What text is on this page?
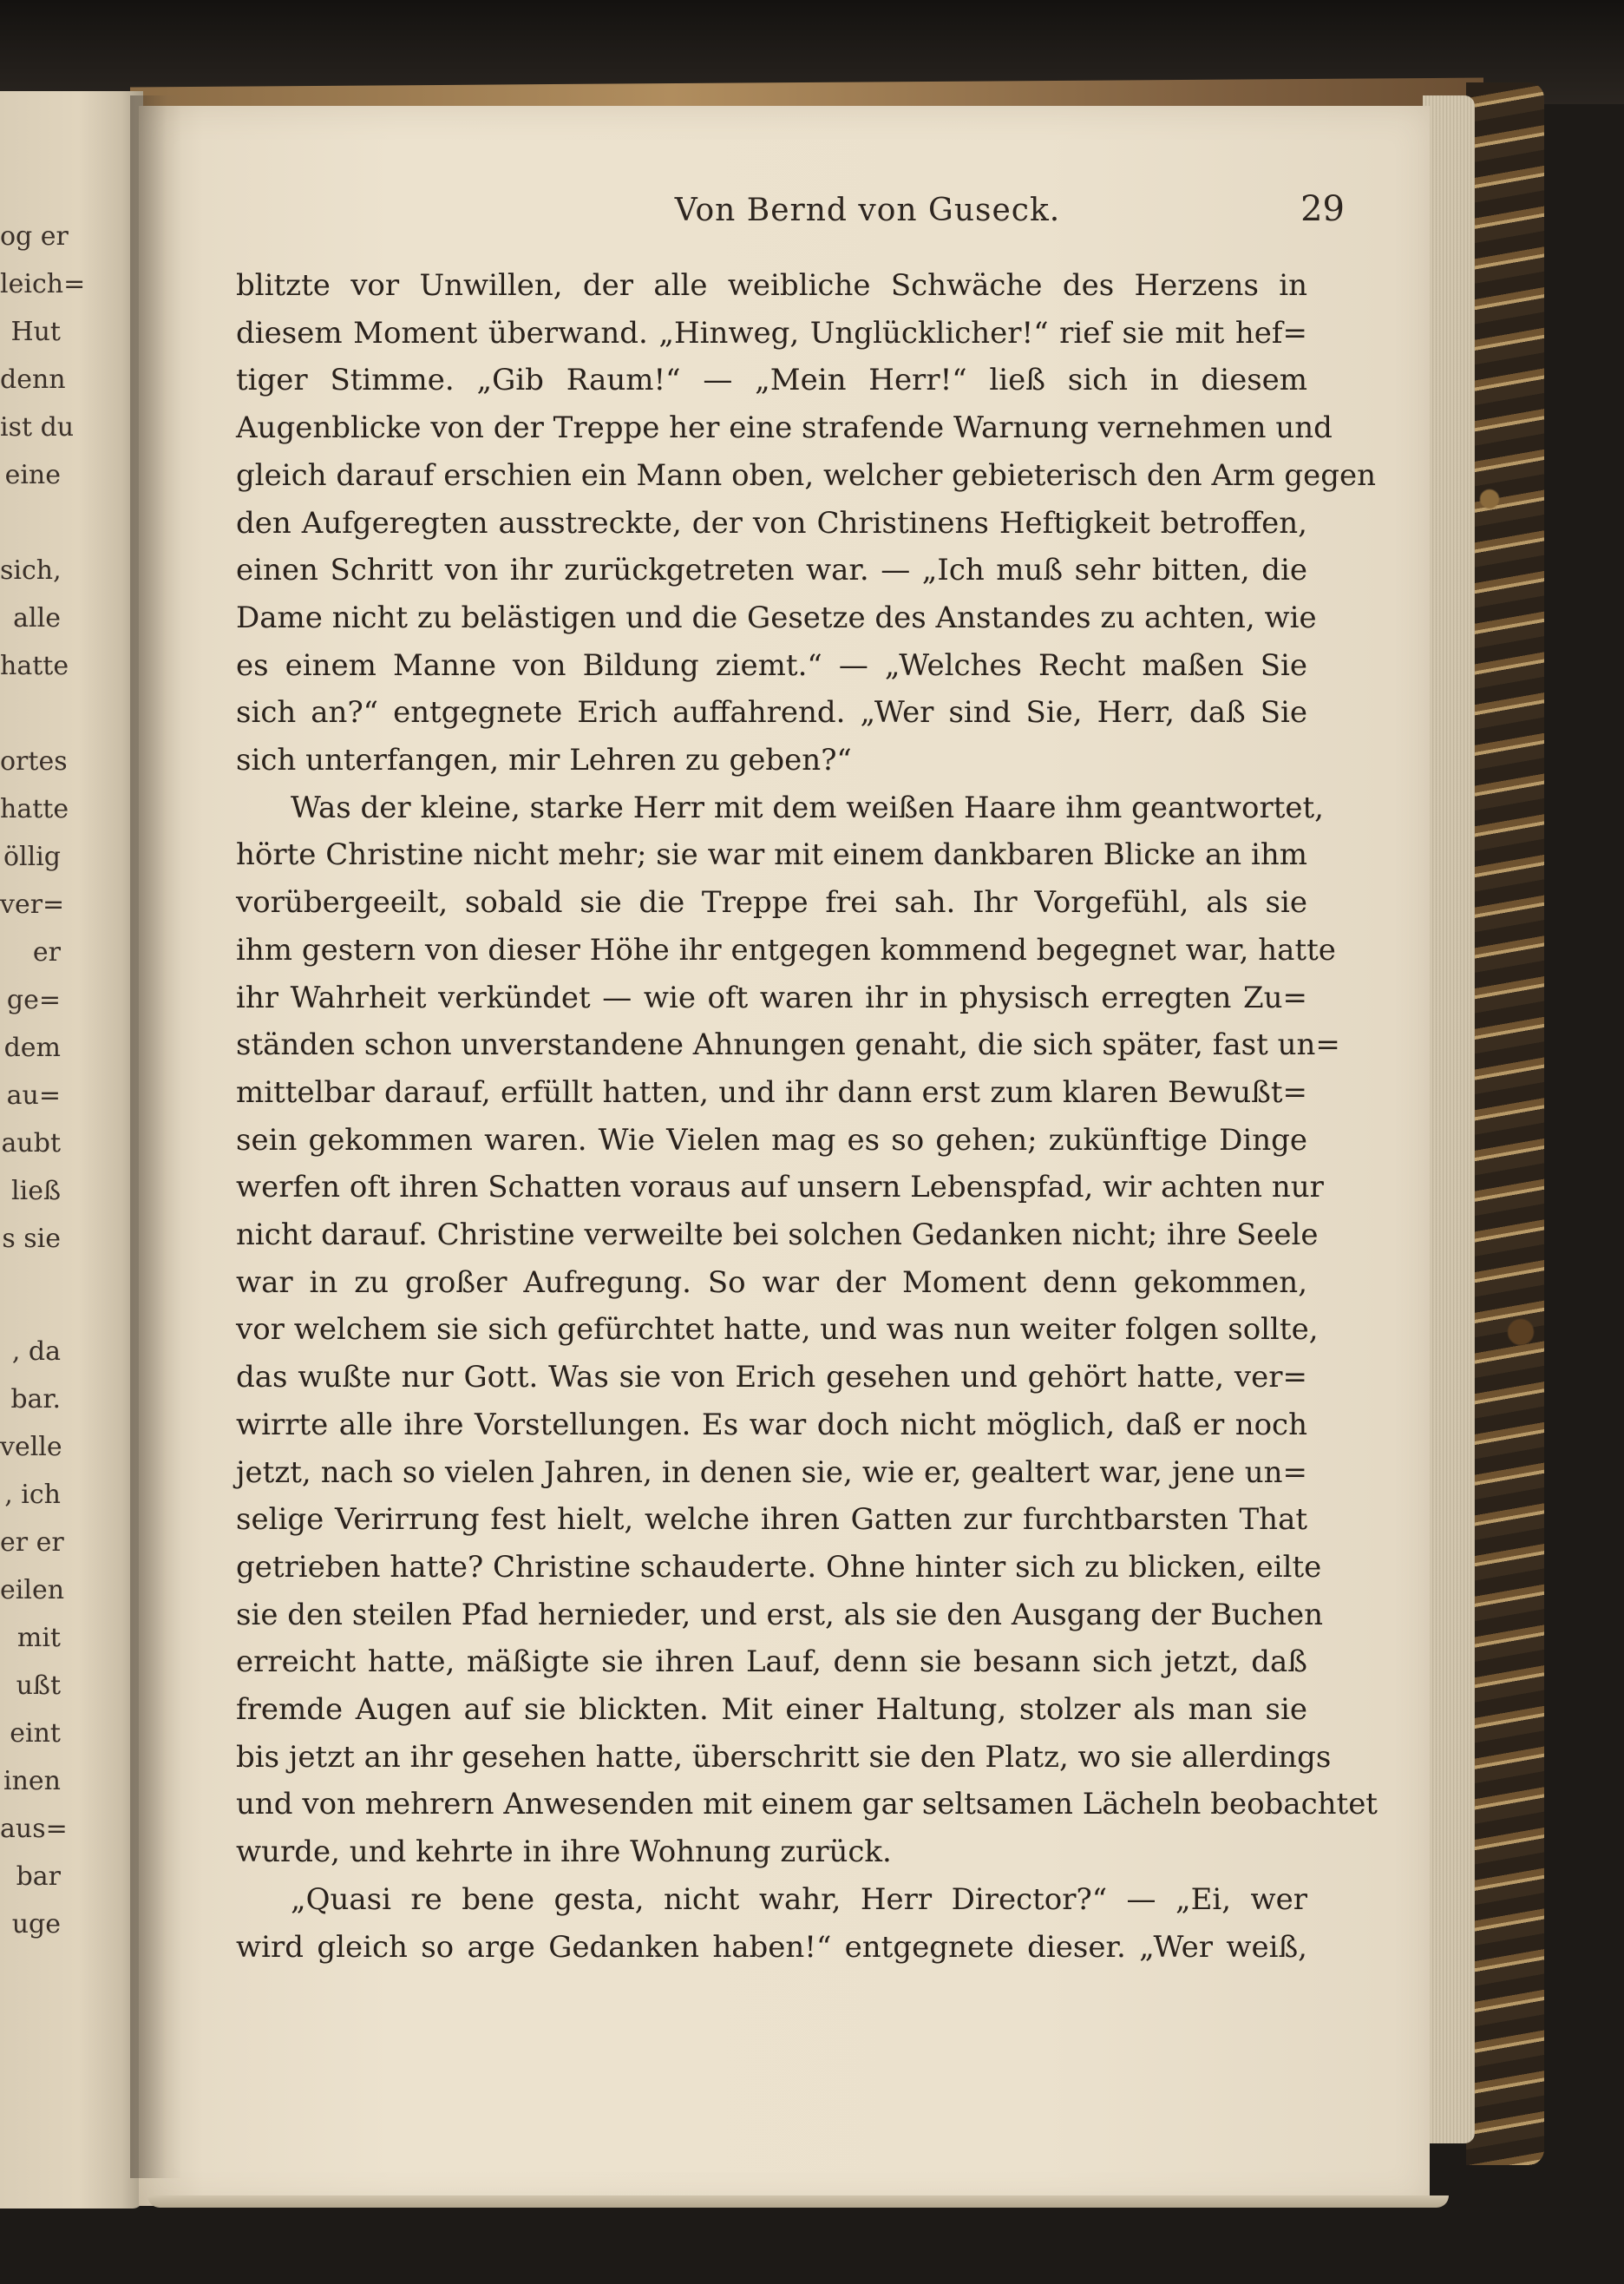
og er
leich=
Hut
denn
ist du
eine
sich,
alle
hatte
ortes
hatte
öllig
ver=
er
ge=
dem
au=
aubt
ließ
s sie
, da
bar.
velle
, ich
er er
eilen
mit
ußt
eint
inen
aus=
bar
uge
Von Bernd von Guseck.	29
blitzte vor Unwillen, der alle weibliche Schwäche des Herzens in
diesem Moment überwand. „Hinweg, Unglücklicher!“ rief sie mit hef=
tiger Stimme. „Gib Raum!“ — „Mein Herr!“ ließ sich in diesem
Augenblicke von der Treppe her eine strafende Warnung vernehmen und
gleich darauf erschien ein Mann oben, welcher gebieterisch den Arm gegen
den Aufgeregten ausstreckte, der von Christinens Heftigkeit betroffen,
einen Schritt von ihr zurückgetreten war. — „Ich muß sehr bitten, die
Dame nicht zu belästigen und die Gesetze des Anstandes zu achten, wie
es einem Manne von Bildung ziemt.“ — „Welches Recht maßen Sie
sich an?“ entgegnete Erich auffahrend. „Wer sind Sie, Herr, daß Sie
sich unterfangen, mir Lehren zu geben?“
Was der kleine, starke Herr mit dem weißen Haare ihm geantwortet,
hörte Christine nicht mehr; sie war mit einem dankbaren Blicke an ihm
vorübergeeilt, sobald sie die Treppe frei sah. Ihr Vorgefühl, als sie
ihm gestern von dieser Höhe ihr entgegen kommend begegnet war, hatte
ihr Wahrheit verkündet — wie oft waren ihr in physisch erregten Zu=
ständen schon unverstandene Ahnungen genaht, die sich später, fast un=
mittelbar darauf, erfüllt hatten, und ihr dann erst zum klaren Bewußt=
sein gekommen waren. Wie Vielen mag es so gehen; zukünftige Dinge
werfen oft ihren Schatten voraus auf unsern Lebenspfad, wir achten nur
nicht darauf. Christine verweilte bei solchen Gedanken nicht; ihre Seele
war in zu großer Aufregung. So war der Moment denn gekommen,
vor welchem sie sich gefürchtet hatte, und was nun weiter folgen sollte,
das wußte nur Gott. Was sie von Erich gesehen und gehört hatte, ver=
wirrte alle ihre Vorstellungen. Es war doch nicht möglich, daß er noch
jetzt, nach so vielen Jahren, in denen sie, wie er, gealtert war, jene un=
selige Verirrung fest hielt, welche ihren Gatten zur furchtbarsten That
getrieben hatte? Christine schauderte. Ohne hinter sich zu blicken, eilte
sie den steilen Pfad hernieder, und erst, als sie den Ausgang der Buchen
erreicht hatte, mäßigte sie ihren Lauf, denn sie besann sich jetzt, daß
fremde Augen auf sie blickten. Mit einer Haltung, stolzer als man sie
bis jetzt an ihr gesehen hatte, überschritt sie den Platz, wo sie allerdings
und von mehrern Anwesenden mit einem gar seltsamen Lächeln beobachtet
wurde, und kehrte in ihre Wohnung zurück.
„Quasi re bene gesta, nicht wahr, Herr Director?“ — „Ei, wer
wird gleich so arge Gedanken haben!“ entgegnete dieser. „Wer weiß,
